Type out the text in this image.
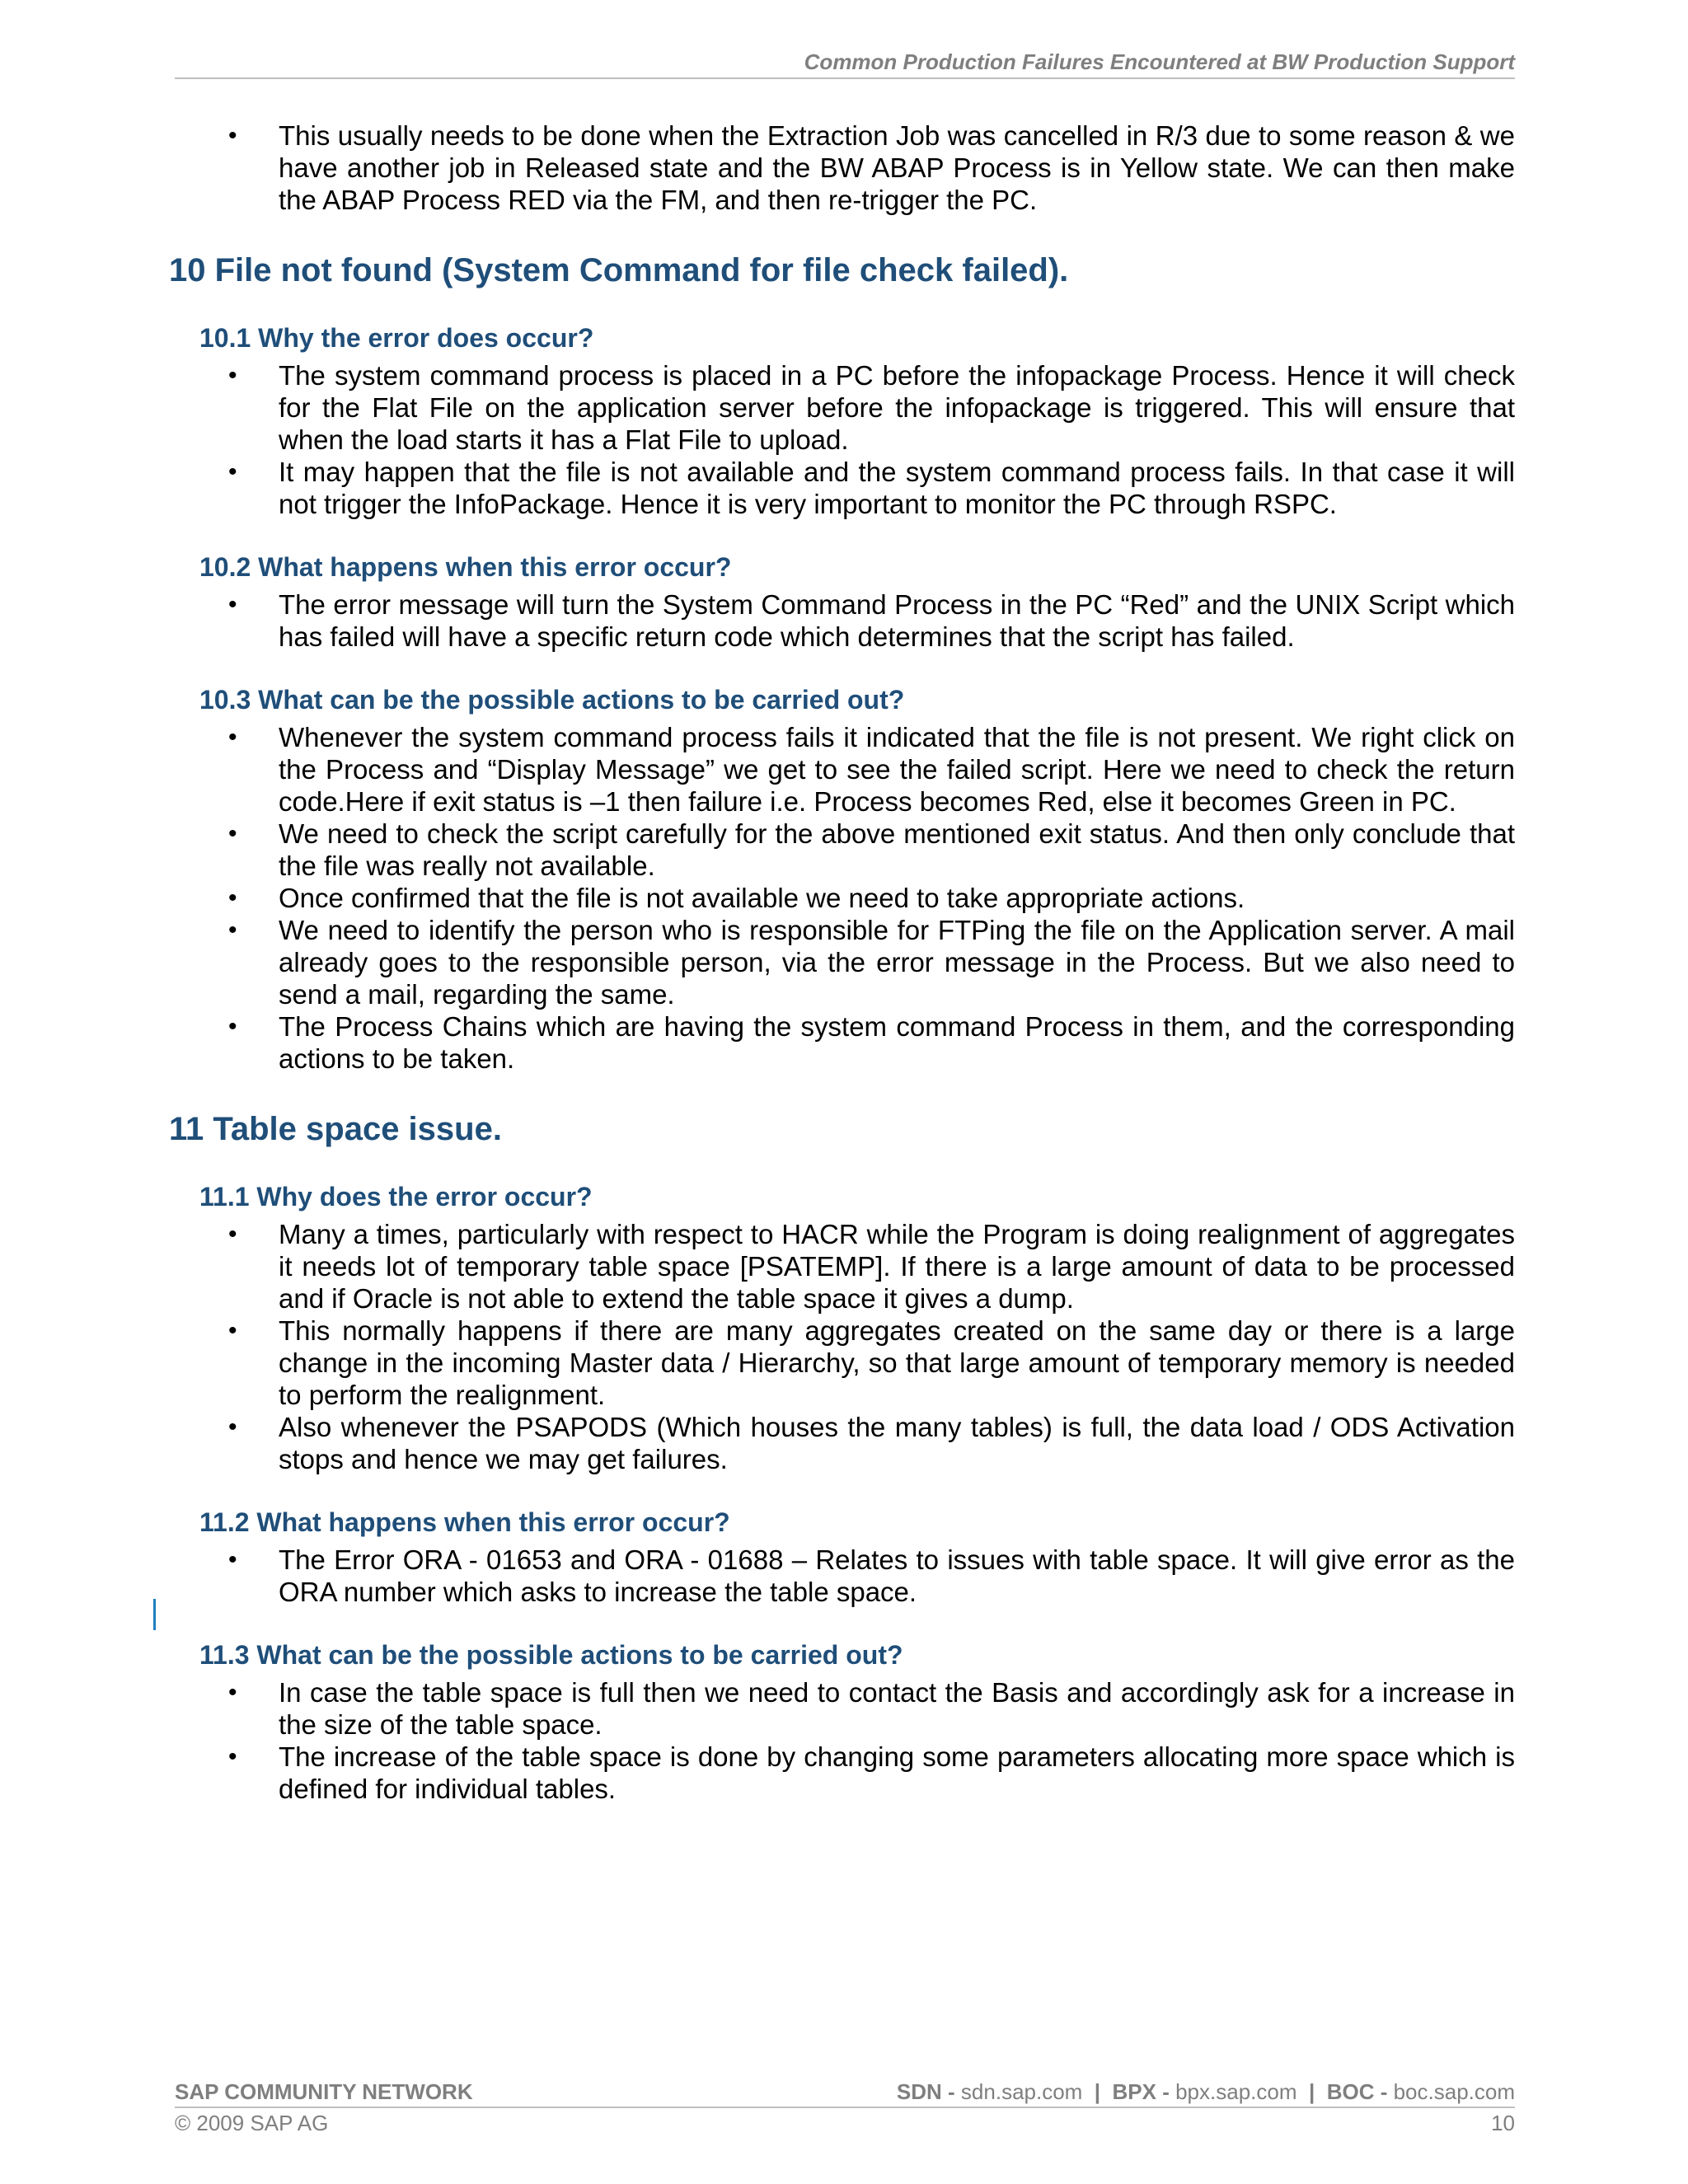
Common Production Failures Encountered at BW Production Support
• This usually needs to be done when the Extraction Job was cancelled in R/3 due to some reason & we have another job in Released state and the BW ABAP Process is in Yellow state. We can then make the ABAP Process RED via the FM, and then re-trigger the PC.
10 File not found (System Command for file check failed).
10.1 Why the error does occur?
• The system command process is placed in a PC before the infopackage Process. Hence it will check for the Flat File on the application server before the infopackage is triggered. This will ensure that when the load starts it has a Flat File to upload.
• It may happen that the file is not available and the system command process fails. In that case it will not trigger the InfoPackage. Hence it is very important to monitor the PC through RSPC.
10.2 What happens when this error occur?
• The error message will turn the System Command Process in the PC “Red” and the UNIX Script which has failed will have a specific return code which determines that the script has failed.
10.3 What can be the possible actions to be carried out?
• Whenever the system command process fails it indicated that the file is not present. We right click on the Process and “Display Message” we get to see the failed script. Here we need to check the return code.Here if exit status is –1 then failure i.e. Process becomes Red, else it becomes Green in PC.
• We need to check the script carefully for the above mentioned exit status. And then only conclude that the file was really not available.
• Once confirmed that the file is not available we need to take appropriate actions.
• We need to identify the person who is responsible for FTPing the file on the Application server. A mail already goes to the responsible person, via the error message in the Process. But we also need to send a mail, regarding the same.
• The Process Chains which are having the system command Process in them, and the corresponding actions to be taken.
11 Table space issue.
11.1 Why does the error occur?
• Many a times, particularly with respect to HACR while the Program is doing realignment of aggregates it needs lot of temporary table space [PSATEMP]. If there is a large amount of data to be processed and if Oracle is not able to extend the table space it gives a dump.
• This normally happens if there are many aggregates created on the same day or there is a large change in the incoming Master data / Hierarchy, so that large amount of temporary memory is needed to perform the realignment.
• Also whenever the PSAPODS (Which houses the many tables) is full, the data load / ODS Activation stops and hence we may get failures.
11.2 What happens when this error occur?
• The Error ORA - 01653 and ORA - 01688 – Relates to issues with table space. It will give error as the ORA number which asks to increase the table space.
11.3 What can be the possible actions to be carried out?
• In case the table space is full then we need to contact the Basis and accordingly ask for a increase in the size of the table space.
• The increase of the table space is done by changing some parameters allocating more space which is defined for individual tables.
SAP COMMUNITY NETWORK	SDN - sdn.sap.com | BPX - bpx.sap.com | BOC - boc.sap.com
© 2009 SAP AG	10
